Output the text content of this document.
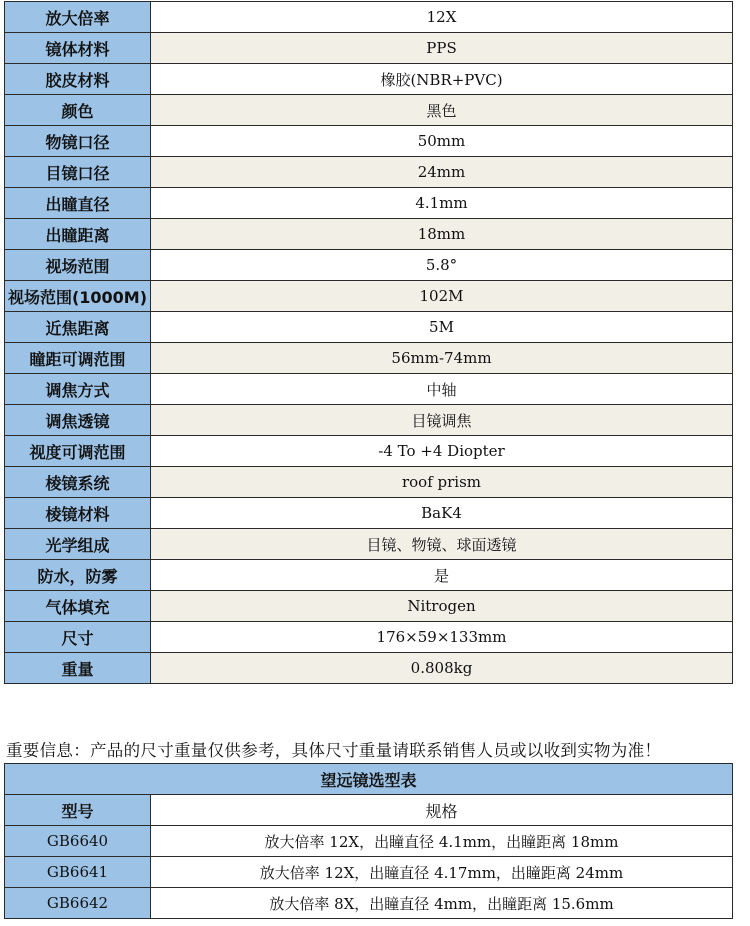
放大倍率	12X
镜体材料	PPS
胶皮材料	橡胶(NBR+PVC)
颜色	黑色
物镜口径	50mm
目镜口径	24mm
出瞳直径	4.1mm
出瞳距离	18mm
视场范围	5.8°
视场范围(1000M)	102M
近焦距离	5M
瞳距可调范围	56mm-74mm
调焦方式	中轴
调焦透镜	目镜调焦
视度可调范围	-4 To +4 Diopter
棱镜系统	roof prism
棱镜材料	BaK4
光学组成	目镜、物镜、球面透镜
防水，防雾	是
气体填充	Nitrogen
尺寸	176×59×133mm
重量	0.808kg
重要信息：产品的尺寸重量仅供参考，具体尺寸重量请联系销售人员或以收到实物为准！
望远镜选型表	
型号	规格
GB6640	放大倍率 12X，出瞳直径 4.1mm，出瞳距离 18mm
GB6641	放大倍率 12X，出瞳直径 4.17mm，出瞳距离 24mm
GB6642	放大倍率 8X，出瞳直径 4mm，出瞳距离 15.6mm
